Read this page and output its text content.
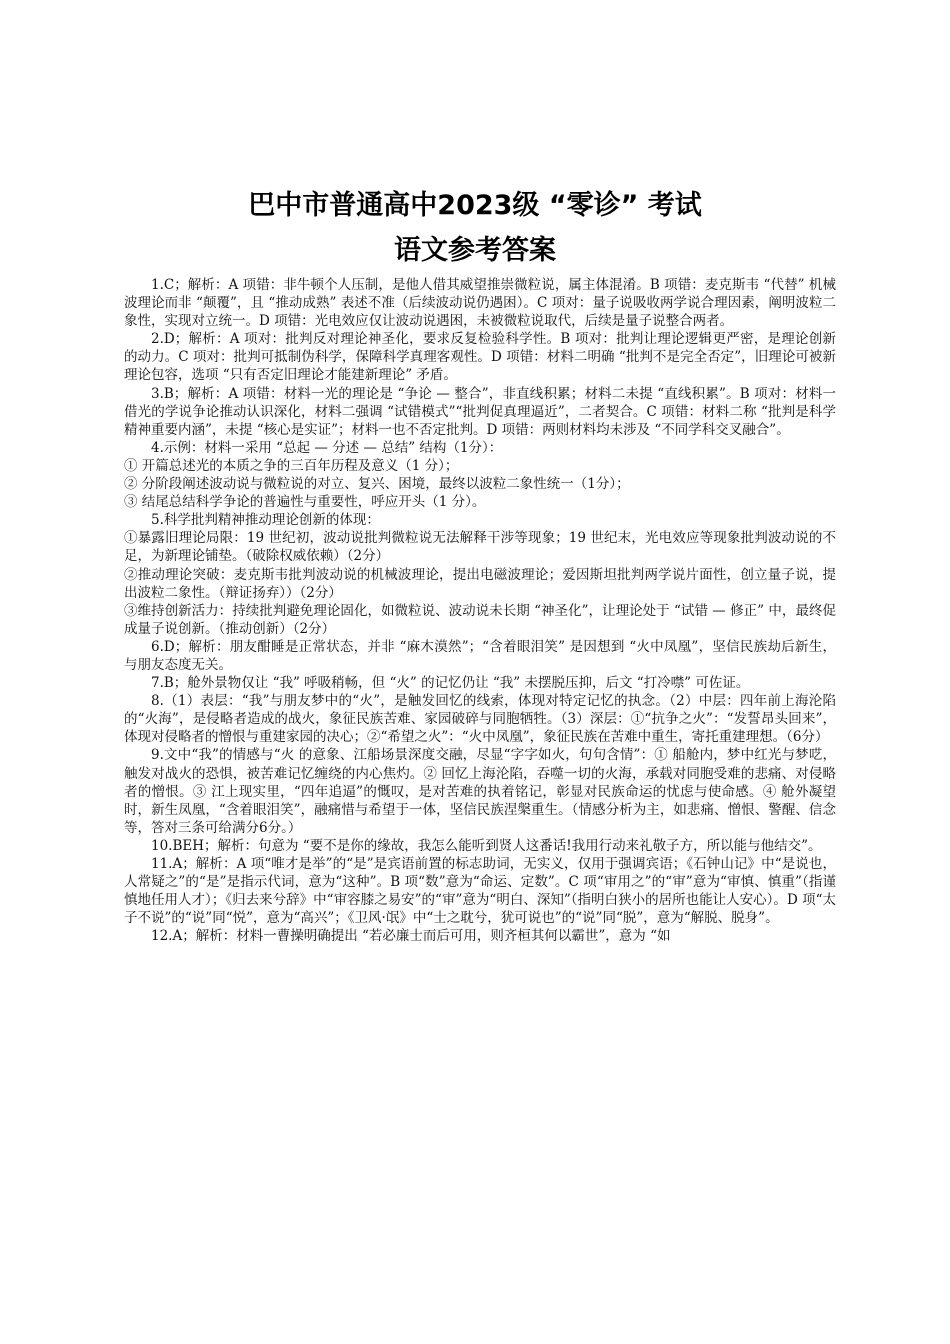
巴中市普通高中2023级 “零诊” 考试
语文参考答案

1.C；解析：A 项错：非牛顿个人压制，是他人借其威望推崇微粒说，属主体混淆。B 项错：麦克斯韦 “代替” 机械波理论而非 “颠覆”，且 “推动成熟” 表述不准（后续波动说仍遇困）。C 项对：量子说吸收两学说合理因素，阐明波粒二象性，实现对立统一。D 项错：光电效应仅让波动说遇困，未被微粒说取代，后续是量子说整合两者。

2.D；解析：A 项对：批判反对理论神圣化，要求反复检验科学性。B 项对：批判让理论逻辑更严密，是理论创新的动力。C 项对：批判可抵制伪科学，保障科学真理客观性。D 项错：材料二明确 “批判不是完全否定”，旧理论可被新理论包容，选项 “只有否定旧理论才能建新理论” 矛盾。

3.B；解析：A 项错：材料一光的理论是 “争论 — 整合”，非直线积累；材料二未提 “直线积累”。B 项对：材料一借光的学说争论推动认识深化，材料二强调 “试错模式”“批判促真理逼近”，二者契合。C 项错：材料二称 “批判是科学精神重要内涵”，未提 “核心是实证”；材料一也不否定批判。D 项错：两则材料均未涉及 “不同学科交叉融合”。

4.示例：材料一采用 “总起 — 分述 — 总结” 结构（1分）：

① 开篇总述光的本质之争的三百年历程及意义（1 分）；

② 分阶段阐述波动说与微粒说的对立、复兴、困境，最终以波粒二象性统一（1分）；

③ 结尾总结科学争论的普遍性与重要性，呼应开头（1 分）。

5.科学批判精神推动理论创新的体现：

①暴露旧理论局限：19 世纪初，波动说批判微粒说无法解释干涉等现象；19 世纪末，光电效应等现象批判波动说的不足，为新理论铺垫。（破除权威依赖）（2分）

②推动理论突破：麦克斯韦批判波动说的机械波理论，提出电磁波理论；爱因斯坦批判两学说片面性，创立量子说，提出波粒二象性。（辩证扬弃））（2分）

③维持创新活力：持续批判避免理论固化，如微粒说、波动说未长期 “神圣化”，让理论处于 “试错 — 修正” 中，最终促成量子说创新。（推动创新）（2分）

6.D；解析：朋友酣睡是正常状态，并非 “麻木漠然”；“含着眼泪笑” 是因想到 “火中凤凰”，坚信民族劫后新生，与朋友态度无关。

7.B；舱外景物仅让 “我” 呼吸稍畅，但 “火” 的记忆仍让 “我” 未摆脱压抑，后文 “打冷噤” 可佐证。

8.（1）表层：“我”与朋友梦中的“火”，是触发回忆的线索，体现对特定记忆的执念。（2）中层：四年前上海沦陷的“火海”，是侵略者造成的战火，象征民族苦难、家园破碎与同胞牺牲。（3）深层：①“抗争之火”：“发誓昂头回来”，体现对侵略者的憎恨与重建家园的决心；②“希望之火”：“火中凤凰”，象征民族在苦难中重生，寄托重建理想。（6分）

9.文中“我”的情感与“火 的意象、江船场景深度交融，尽显“字字如火，句句含情”：① 船舱内，梦中红光与梦呓，触发对战火的恐惧，被苦难记忆缠绕的内心焦灼。② 回忆上海沦陷，吞噬一切的火海，承载对同胞受难的悲痛、对侵略者的憎恨。③ 江上现实里，“四年追逼”的慨叹，是对苦难的执着铭记，彰显对民族命运的忧虑与使命感。④ 舱外凝望时，新生凤凰，“含着眼泪笑”，融痛惜与希望于一体，坚信民族涅槃重生。（情感分析为主，如悲痛、憎恨、警醒、信念等，答对三条可给满分6分。）

10.BEH；解析：句意为 “要不是你的缘故，我怎么能听到贤人这番话!我用行动来礼敬子方，所以能与他结交”。

11.A；解析：A 项“唯才是举”的“是”是宾语前置的标志助词，无实义，仅用于强调宾语；《石钟山记》中“是说也，人常疑之”的“是”是指示代词，意为“这种”。B 项“数”意为“命运、定数”。C 项“审用之”的“审”意为“审慎、慎重”（指谨慎地任用人才）；《归去来兮辞》中“审容膝之易安”的“审”意为“明白、深知”（指明白狭小的居所也能让人安心）。D 项“太子不说”的“说”同“悦”，意为“高兴”；《卫风·氓》中“士之耽兮，犹可说也”的“说”同“脱”，意为“解脱、脱身”。

12.A；解析：材料一曹操明确提出 “若必廉士而后可用，则齐桓其何以霸世”，意为 “如
